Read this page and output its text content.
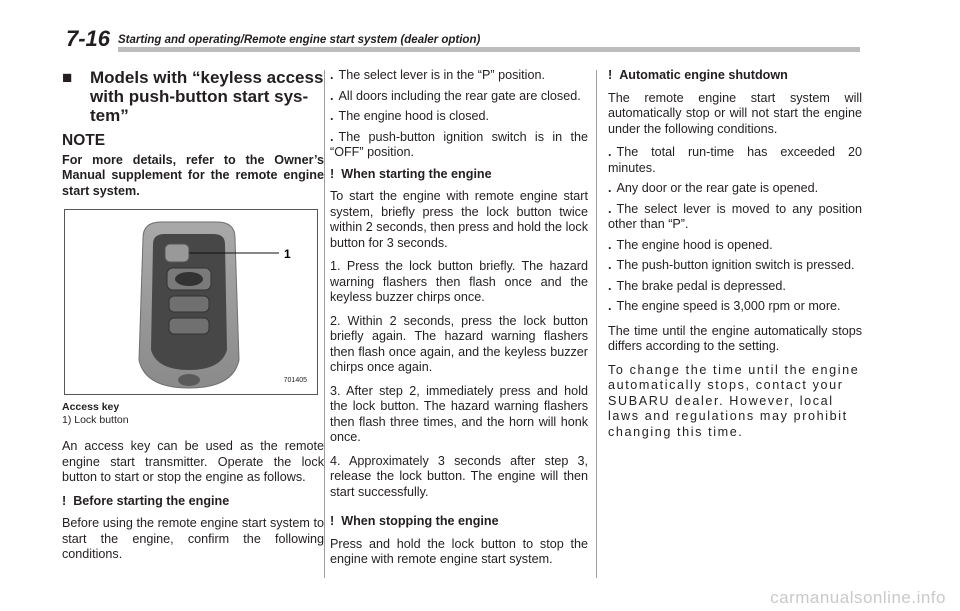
7-16 Starting and operating/Remote engine start system (dealer option)
■ Models with “keyless access with push-button start sys-tem”
NOTE
For more details, refer to the Owner’s Manual supplement for the remote engine start system.
1
701405

Access key

1) Lock button

An access key can be used as the remote engine start transmitter. Operate the lock button to start or stop the engine as follows.

! Before starting the engine

Before using the remote engine start system to start the engine, confirm the following conditions.

. The select lever is in the “P” position.

. All doors including the rear gate are closed.

. The engine hood is closed.

. The push-button ignition switch is in the “OFF” position.

! When starting the engine

To start the engine with remote engine start system, briefly press the lock button twice within 2 seconds, then press and hold the lock button for 3 seconds.

1. Press the lock button briefly. The hazard warning flashers then flash once and the keyless buzzer chirps once.

2. Within 2 seconds, press the lock button briefly again. The hazard warning flashers then flash once again, and the keyless buzzer chirps once again.

3. After step 2, immediately press and hold the lock button. The hazard warning flashers then flash three times, and the horn will honk once.

4. Approximately 3 seconds after step 3, release the lock button. The engine will then start successfully.

! When stopping the engine

Press and hold the lock button to stop the engine with remote engine start system.

! Automatic engine shutdown

The remote engine start system will automatically stop or will not start the engine under the following conditions.

. The total run-time has exceeded 20 minutes.

. Any door or the rear gate is opened.

. The select lever is moved to any position other than “P”.

. The engine hood is opened.

. The push-button ignition switch is pressed.

. The brake pedal is depressed.

. The engine speed is 3,000 rpm or more.

The time until the engine automatically stops differs according to the setting.

To change the time until the engine automatically stops, contact your SUBARU dealer. However, local laws and regulations may prohibit changing this time.

carmanualsonline.info
